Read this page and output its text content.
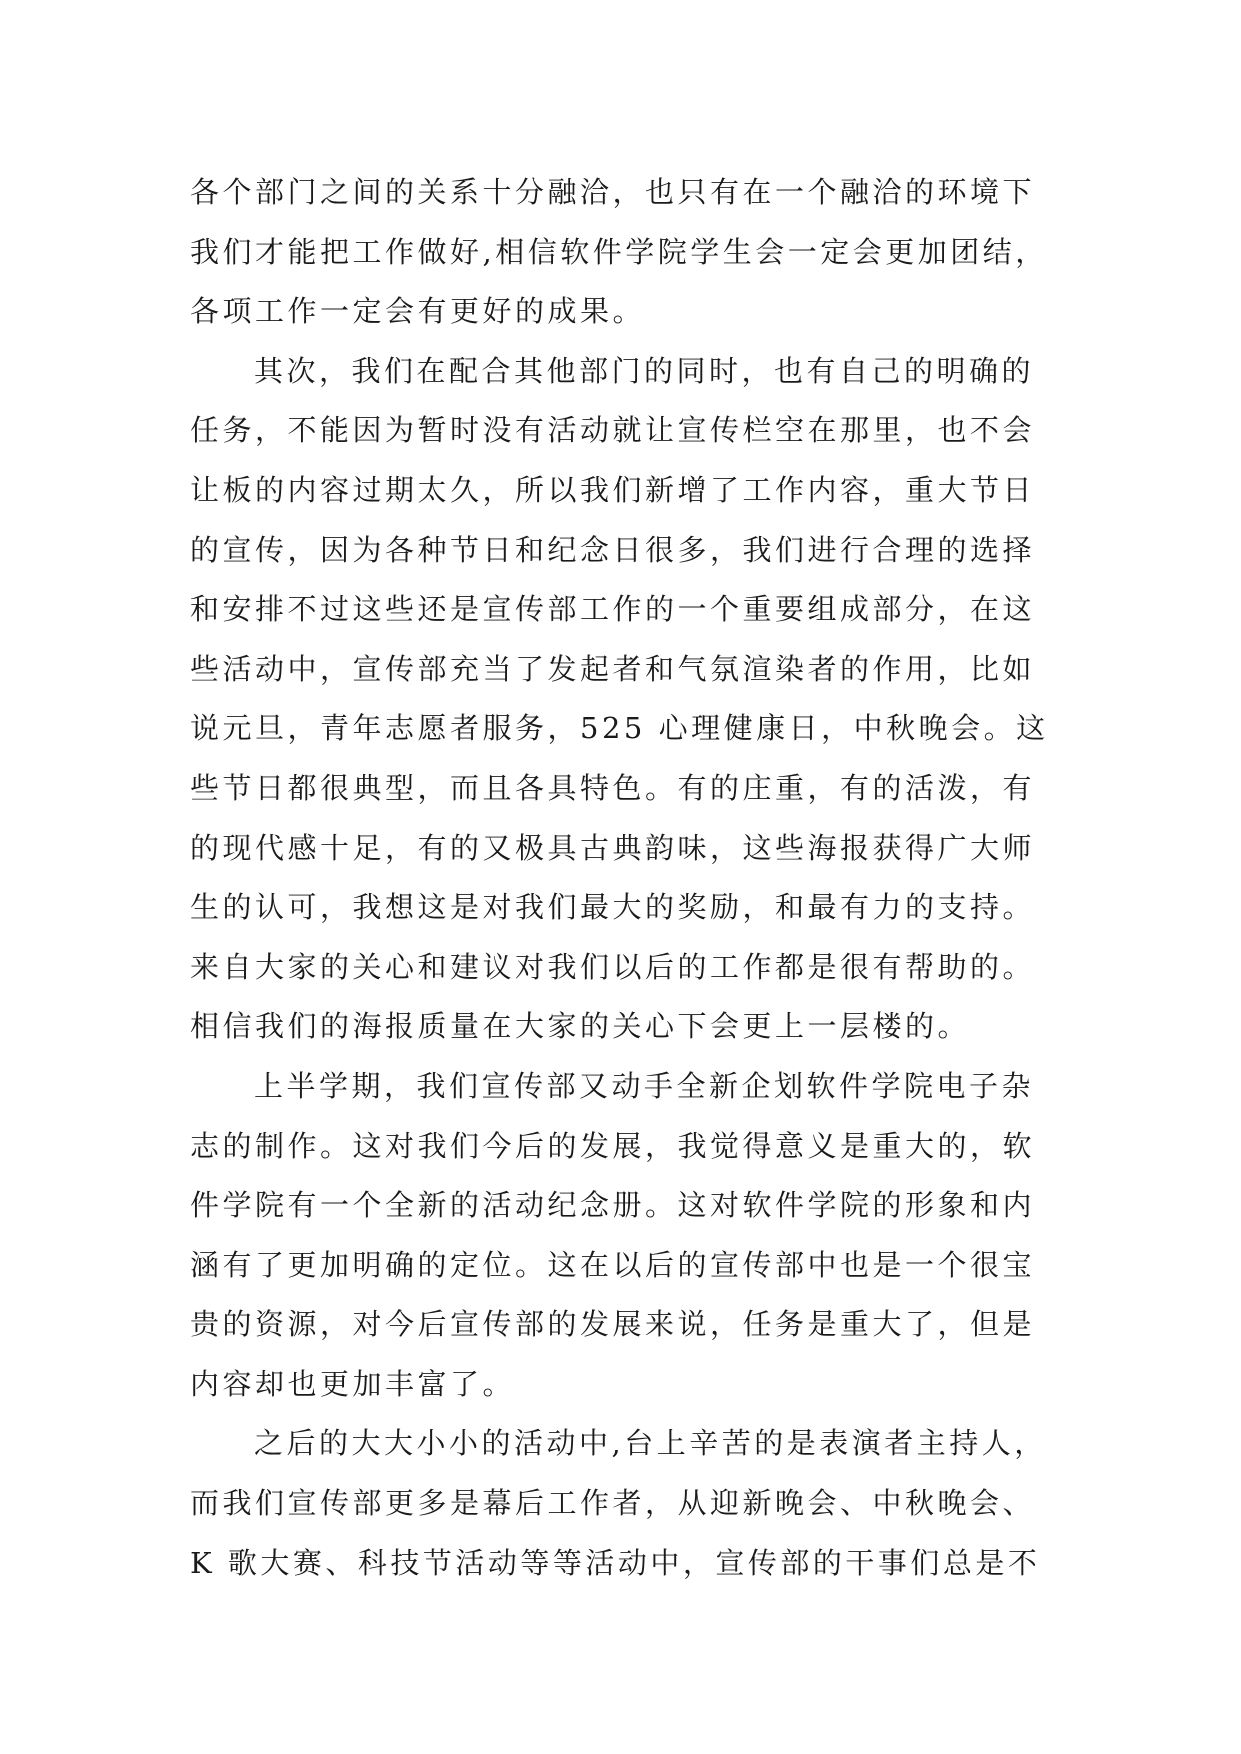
各个部门之间的关系十分融洽，也只有在一个融洽的环境下
我们才能把工作做好,相信软件学院学生会一定会更加团结，
各项工作一定会有更好的成果。
其次，我们在配合其他部门的同时，也有自己的明确的
任务，不能因为暂时没有活动就让宣传栏空在那里，也不会
让板的内容过期太久，所以我们新增了工作内容，重大节日
的宣传，因为各种节日和纪念日很多，我们进行合理的选择
和安排不过这些还是宣传部工作的一个重要组成部分，在这
些活动中，宣传部充当了发起者和气氛渲染者的作用，比如
说元旦，青年志愿者服务，525 心理健康日，中秋晚会。这
些节日都很典型，而且各具特色。有的庄重，有的活泼，有
的现代感十足，有的又极具古典韵味，这些海报获得广大师
生的认可，我想这是对我们最大的奖励，和最有力的支持。
来自大家的关心和建议对我们以后的工作都是很有帮助的。
相信我们的海报质量在大家的关心下会更上一层楼的。
上半学期，我们宣传部又动手全新企划软件学院电子杂
志的制作。这对我们今后的发展，我觉得意义是重大的，软
件学院有一个全新的活动纪念册。这对软件学院的形象和内
涵有了更加明确的定位。这在以后的宣传部中也是一个很宝
贵的资源，对今后宣传部的发展来说，任务是重大了，但是
内容却也更加丰富了。
之后的大大小小的活动中,台上辛苦的是表演者主持人，
而我们宣传部更多是幕后工作者，从迎新晚会、中秋晚会、
K 歌大赛、科技节活动等等活动中，宣传部的干事们总是不
